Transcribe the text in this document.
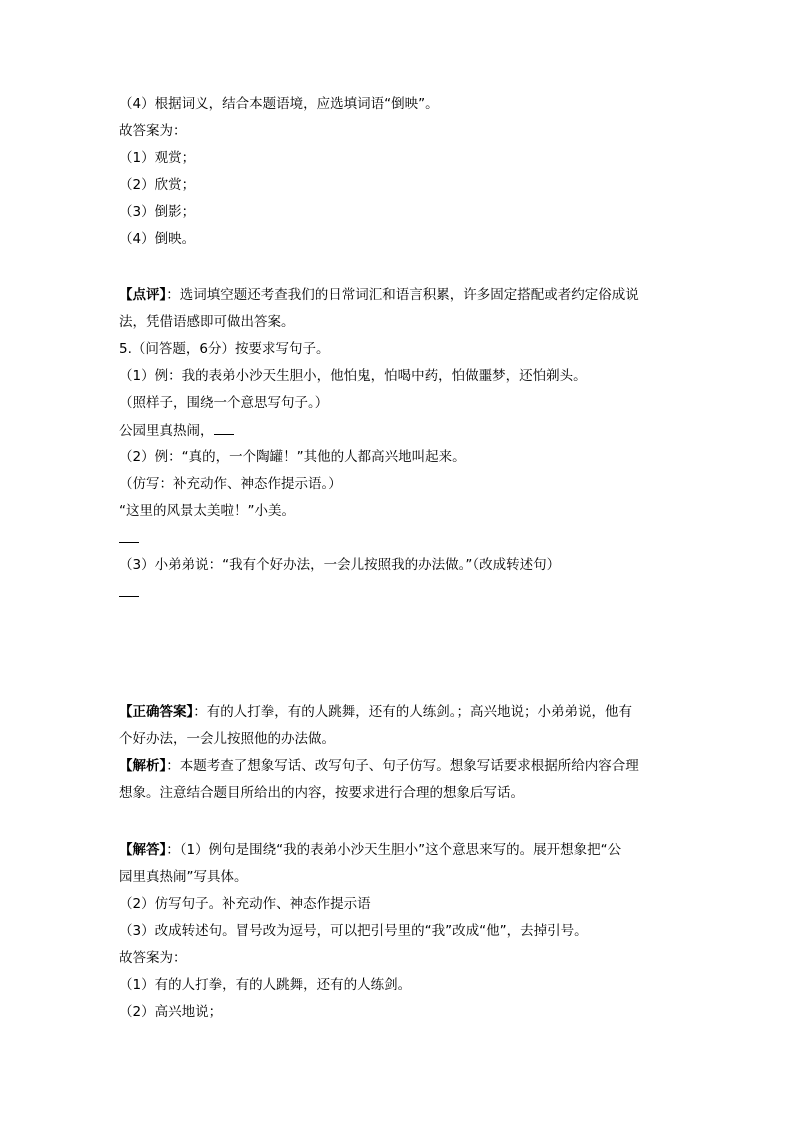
（4）根据词义，结合本题语境，应选填词语“倒映”。
故答案为：
（1）观赏；
（2）欣赏；
（3）倒影；
（4）倒映。
【点评】：选词填空题还考查我们的日常词汇和语言积累，许多固定搭配或者约定俗成说
法，凭借语感即可做出答案。
5.（问答题，6分）按要求写句子。
（1）例：我的表弟小沙天生胆小，他怕鬼，怕喝中药，怕做噩梦，还怕剃头。
（照样子，围绕一个意思写句子。）
公园里真热闹，
（2）例：“真的，一个陶罐！”其他的人都高兴地叫起来。
（仿写：补充动作、神态作提示语。）
“这里的风景太美啦！”小美。
（3）小弟弟说：“我有个好办法，一会儿按照我的办法做。”（改成转述句）
【正确答案】：有的人打拳，有的人跳舞，还有的人练剑。；高兴地说；小弟弟说，他有
个好办法，一会儿按照他的办法做。
【解析】：本题考查了想象写话、改写句子、句子仿写。想象写话要求根据所给内容合理
想象。注意结合题目所给出的内容，按要求进行合理的想象后写话。
【解答】：（1）例句是围绕“我的表弟小沙天生胆小”这个意思来写的。展开想象把“公
园里真热闹”写具体。
（2）仿写句子。补充动作、神态作提示语
（3）改成转述句。冒号改为逗号，可以把引号里的“我”改成“他”，去掉引号。
故答案为：
（1）有的人打拳，有的人跳舞，还有的人练剑。
（2）高兴地说；
